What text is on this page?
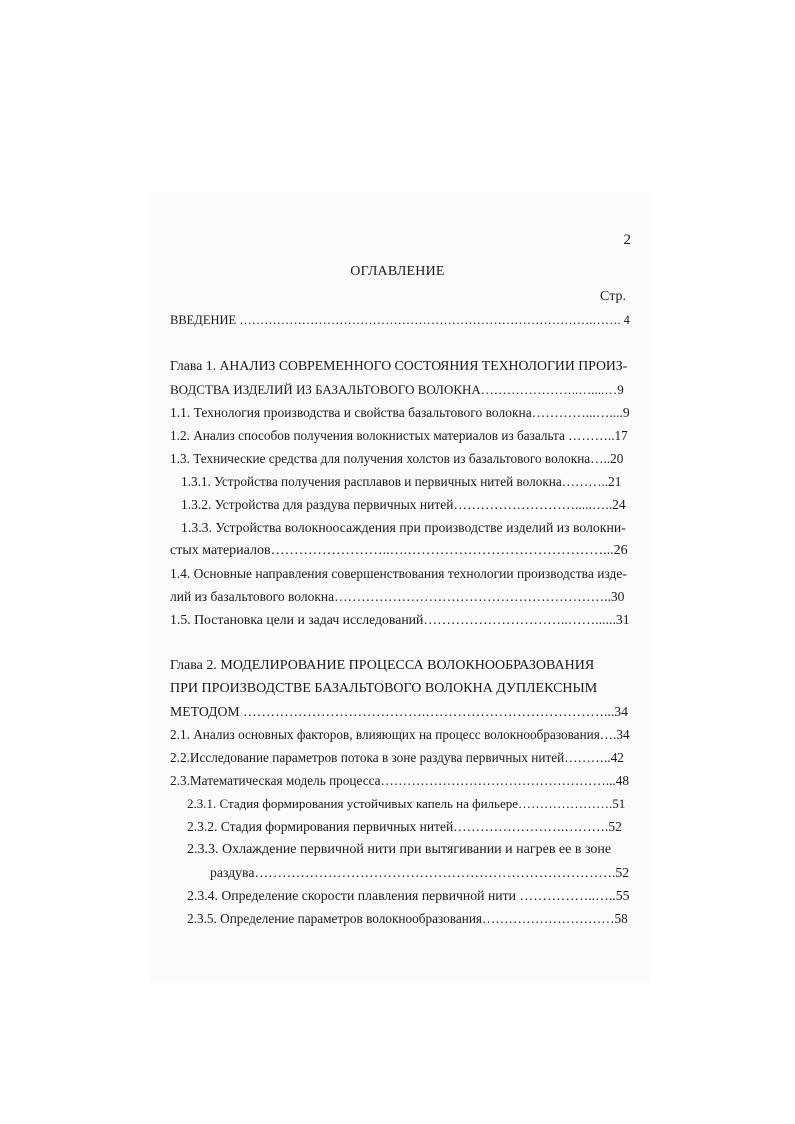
2
ОГЛАВЛЕНИЕ
Стр.
ВВЕДЕНИЕ ………………………………………………………………………….……. 4
Глава 1. АНАЛИЗ СОВРЕМЕННОГО СОСТОЯНИЯ ТЕХНОЛОГИИ ПРОИЗ-
ВОДСТВА ИЗДЕЛИЙ ИЗ БАЗАЛЬТОВОГО ВОЛОКНА…………………..…....…9
1.1. Технология производства и свойства базальтового волокна…………...…....9
1.2. Анализ способов получения волокнистых материалов из базальта ………..17
1.3. Технические средства для получения холстов из базальтового волокна…..20
1.3.1. Устройства получения расплавов и первичных нитей волокна………..21
1.3.2. Устройства для раздува первичных нитей……………………….....…..24
1.3.3. Устройства волокноосаждения при производстве изделий из волокни-
стых материалов……………………..….……………………………………...26
1.4. Основные направления совершенствования технологии производства изде-
лий из базальтового волокна……………………………………………………..30
1.5. Постановка цели и задач исследований…………………………..……......31
Глава 2. МОДЕЛИРОВАНИЕ ПРОЦЕССА ВОЛОКНООБРАЗОВАНИЯ
ПРИ ПРОИЗВОДСТВЕ БАЗАЛЬТОВОГО ВОЛОКНА ДУПЛЕКСНЫМ
МЕТОДОМ ………………………………….…………………………………...34
2.1. Анализ основных факторов, влияющих на процесс волокнообразования….34
2.2.Исследование параметров потока в зоне раздува первичных нитей………..42
2.3.Математическая модель процесса……………………………………………...48
2.3.1. Стадия формирования устойчивых капель на фильере………………….51
2.3.2. Стадия формирования первичных нитей…………………….……….52
2.3.3. Охлаждение первичной нити при вытягивании и нагрев ее в зоне
раздува…………………………………………………………………….52
2.3.4. Определение скорости плавления первичной нити ……………..…..55
2.3.5. Определение параметров волокнообразования…………………………58
